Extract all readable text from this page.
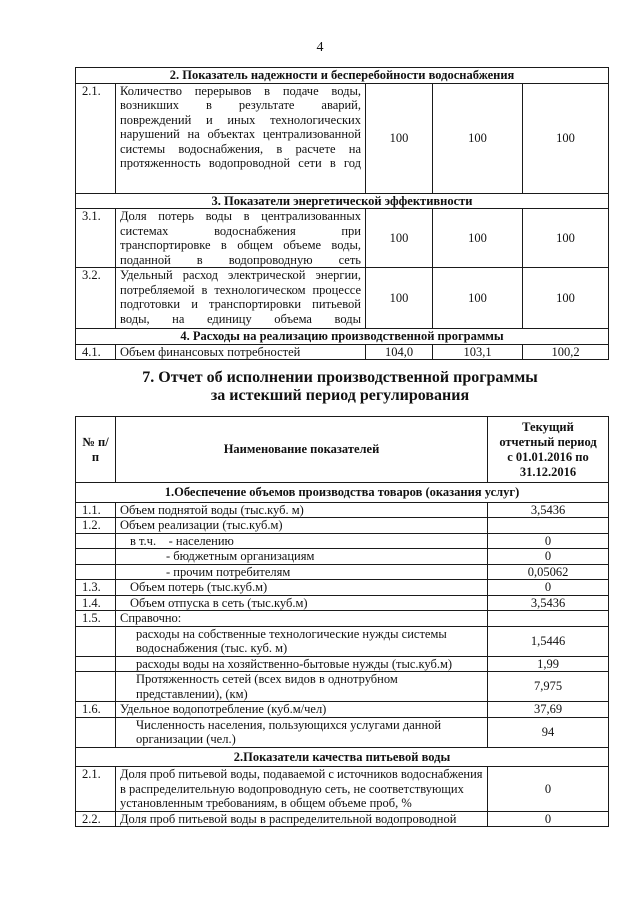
4
2. Показатель надежности и бесперебойности водоснабжения				
2.1.	Количество перерывов в подаче воды, возникших в результате аварий, повреждений и иных технологических нарушений на объектах централизованной системы водоснабжения, в расчете на протяженность водопроводной сети в год	100	100	100
3. Показатели энергетической эффективности				
3.1.	Доля потерь воды в централизованных системах водоснабжения при транспортировке в общем объеме воды, поданной в водопроводную сеть	100	100	100
3.2.	Удельный расход электрической энергии, потребляемой в технологическом процессе подготовки и транспортировки питьевой воды, на единицу объема воды	100	100	100
4. Расходы на реализацию производственной программы				
4.1.	Объем финансовых потребностей	104,0	103,1	100,2
7. Отчет об исполнении производственной программы
за истекший период регулирования
№ п/п	Наименование показателей	Текущий
отчетный период
с 01.01.2016 по
31.12.2016

1.Обеспечение объемов производства товаров (оказания услуг)		
1.1.	Объем поднятой воды (тыс.куб. м)	3,5436
1.2.	Объем реализации (тыс.куб.м)	
	в т.ч. - населению	0
	- бюджетным организациям	0
	- прочим потребителям	0,05062
1.3.	Объем потерь (тыс.куб.м)	0
1.4.	Объем отпуска в сеть (тыс.куб.м)	3,5436
1.5.	Справочно:	
	расходы на собственные технологические нужды системы водоснабжения (тыс. куб. м)	1,5446
	расходы воды на хозяйственно-бытовые нужды (тыс.куб.м)	1,99
	Протяженность сетей (всех видов в однотрубном представлении), (км)	7,975
1.6.	Удельное водопотребление (куб.м/чел)	37,69
	Численность населения, пользующихся услугами данной организации (чел.)	94
2.Показатели качества питьевой воды		
2.1.	Доля проб питьевой воды, подаваемой с источников водоснабжения в распределительную водопроводную сеть, не соответствующих установленным требованиям, в общем объеме проб, %	0
2.2.	Доля проб питьевой воды в распределительной водопроводной	0
